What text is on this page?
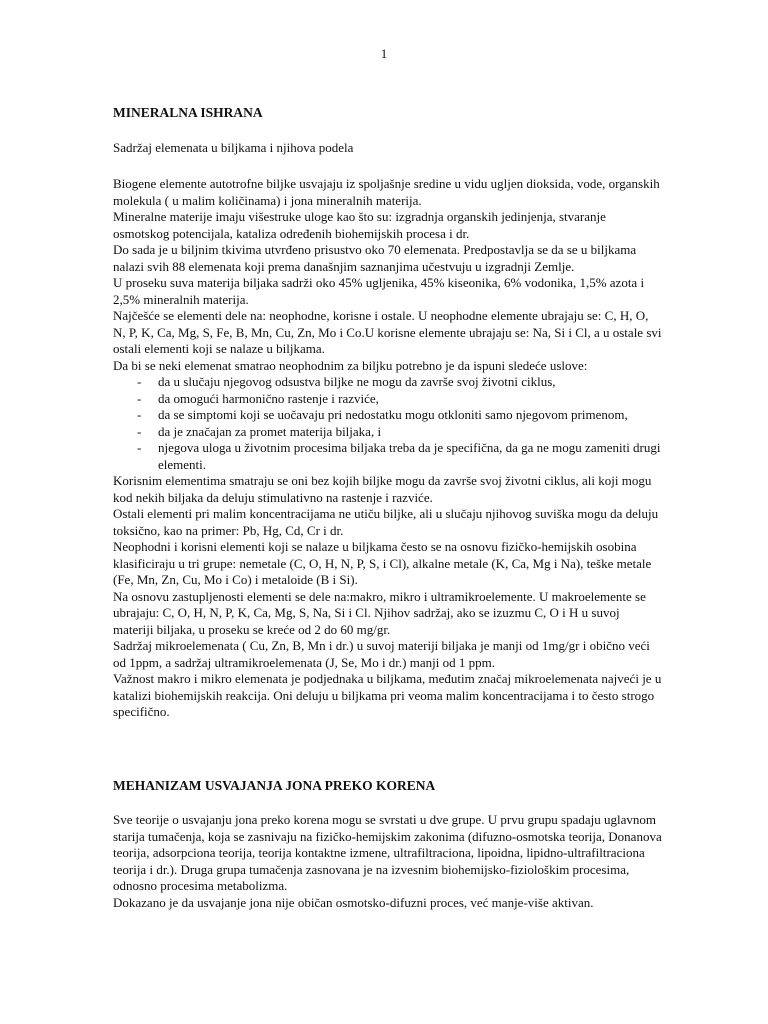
1

MINERALNA ISHRANA

Sadržaj elemenata u biljkama i njihova podela

Biogene elemente autotrofne biljke usvajaju iz spoljašnje sredine u vidu ugljen dioksida, vode, organskih molekula ( u malim količinama) i jona mineralnih materija.

Mineralne materije imaju višestruke uloge kao što su: izgradnja organskih jedinjenja, stvaranje osmotskog potencijala, kataliza određenih biohemijskih procesa i dr.

Do sada je u biljnim tkivima utvrđeno prisustvo oko 70 elemenata. Predpostavlja se da se u biljkama nalazi svih 88 elemenata koji prema današnjim saznanjima učestvuju u izgradnji Zemlje.

U proseku suva materija biljaka sadrži oko 45% ugljenika, 45% kiseonika, 6% vodonika, 1,5% azota i 2,5% mineralnih materija.

Najčešće se elementi dele na: neophodne, korisne i ostale. U neophodne elemente ubrajaju se: C, H, O, N, P, K, Ca, Mg, S, Fe, B, Mn, Cu, Zn, Mo i Co.U korisne elemente ubrajaju se: Na, Si i Cl, a u ostale svi ostali elementi koji se nalaze u biljkama.

Da bi se neki elemenat smatrao neophodnim za biljku potrebno je da ispuni sledeće uslove:

- da u slučaju njegovog odsustva biljke ne mogu da završe svoj životni ciklus,
- da omogući harmonično rastenje i razviće,
- da se simptomi koji se uočavaju pri nedostatku mogu otkloniti samo njegovom primenom,
- da je značajan za promet materija biljaka, i
- njegova uloga u životnim procesima biljaka treba da je specifična, da ga ne mogu zameniti drugi elementi.

Korisnim elementima smatraju se oni bez kojih biljke mogu da završe svoj životni ciklus, ali koji mogu kod nekih biljaka da deluju stimulativno na rastenje i razviće.

Ostali elementi pri malim koncentracijama ne utiču biljke, ali u slučaju njihovog suviška mogu da deluju toksično, kao na primer: Pb, Hg, Cd, Cr i dr.

Neophodni i korisni elementi koji se nalaze u biljkama često se na osnovu fizičko-hemijskih osobina klasificiraju u tri grupe: nemetale (C, O, H, N, P, S, i Cl), alkalne metale (K, Ca, Mg i Na), teške metale (Fe, Mn, Zn, Cu, Mo i Co) i metaloide (B i Si).

Na osnovu zastupljenosti elementi se dele na:makro, mikro i ultramikroelemente. U makroelemente se ubrajaju: C, O, H, N, P, K, Ca, Mg, S, Na, Si i Cl. Njihov sadržaj, ako se izuzmu C, O i H u suvoj materiji biljaka, u proseku se kreće od 2 do 60 mg/gr.

Sadržaj mikroelemenata ( Cu, Zn, B, Mn i dr.) u suvoj materiji biljaka je manji od 1mg/gr i obično veći od 1ppm, a sadržaj ultramikroelemenata (J, Se, Mo i dr.) manji od 1 ppm.

Važnost makro i mikro elemenata je podjednaka u biljkama, međutim značaj mikroelemenata najveći je u katalizi biohemijskih reakcija. Oni deluju u biljkama pri veoma malim koncentracijama i to često strogo specifično.

MEHANIZAM USVAJANJA JONA PREKO KORENA

Sve teorije o usvajanju jona preko korena mogu se svrstati u dve grupe. U prvu grupu spadaju uglavnom starija tumačenja, koja se zasnivaju na fizičko-hemijskim zakonima (difuzno-osmotska teorija, Donanova teorija, adsorpciona teorija, teorija kontaktne izmene, ultrafiltraciona, lipoidna, lipidno-ultrafiltraciona teorija i dr.). Druga grupa tumačenja zasnovana je na izvesnim biohemijsko-fiziološkim procesima, odnosno procesima metabolizma.

Dokazano je da usvajanje jona nije običan osmotsko-difuzni proces, već manje-više aktivan.
